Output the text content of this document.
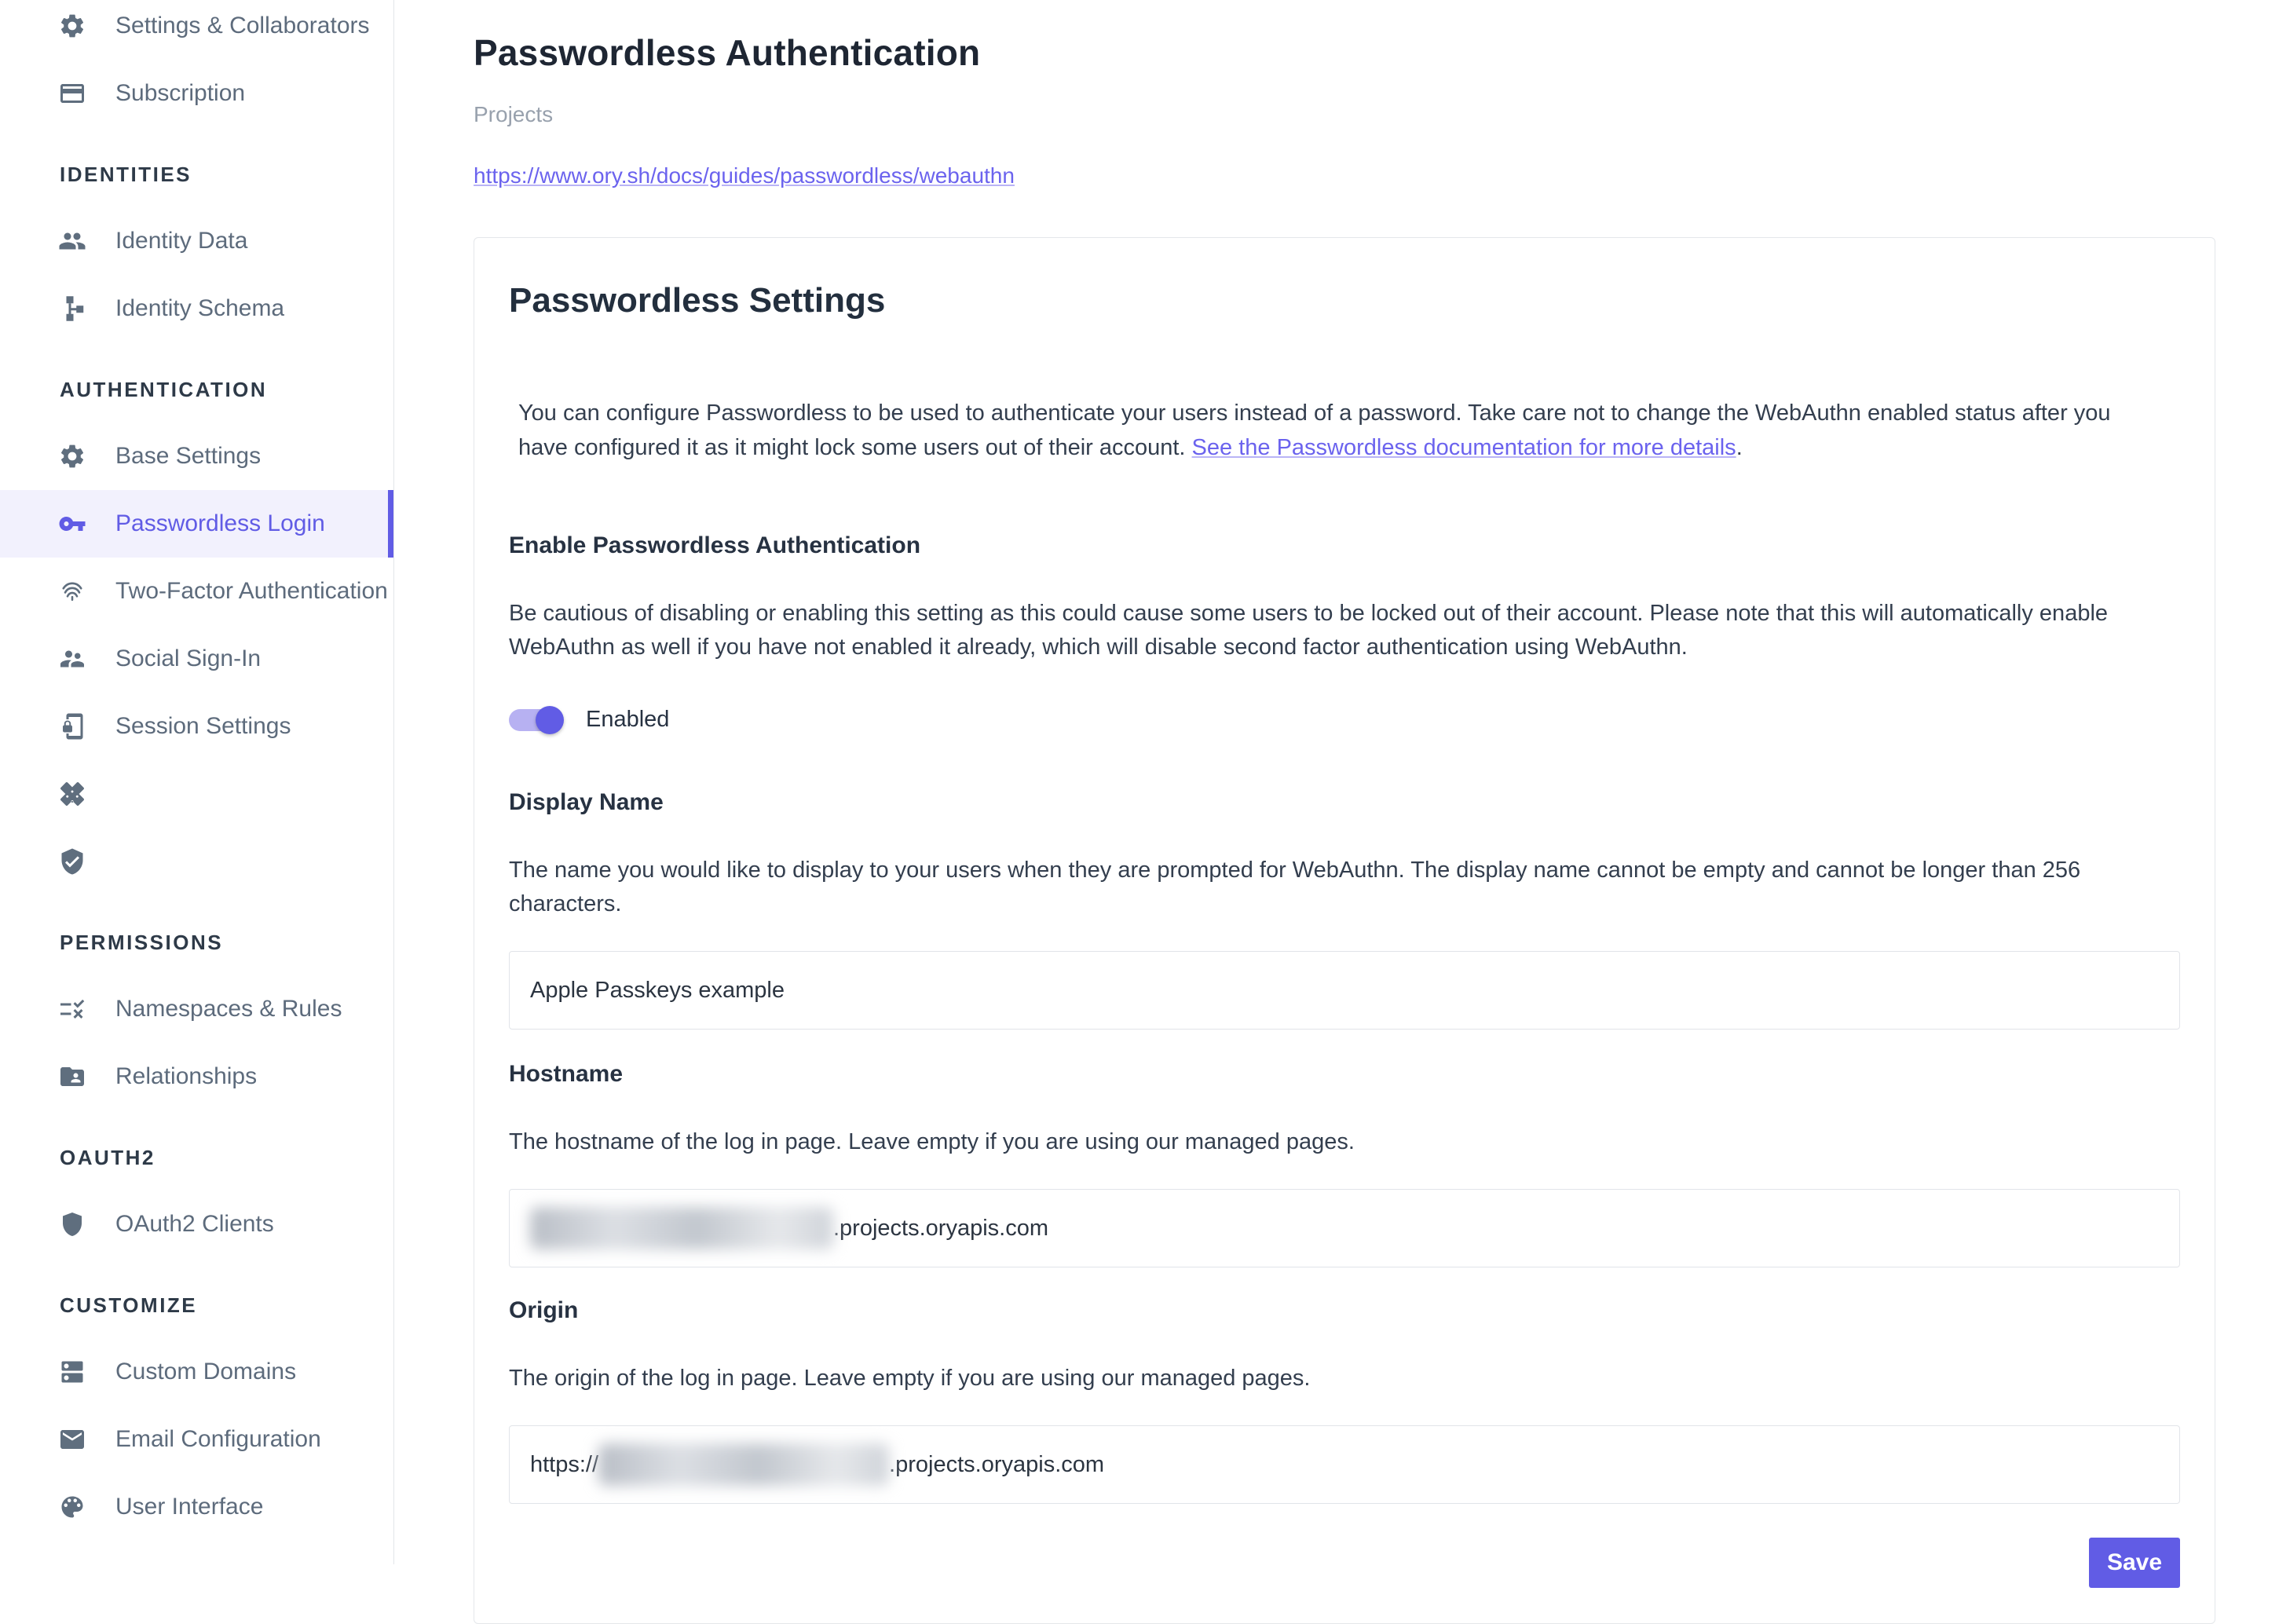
Settings & Collaborators
Subscription
IDENTITIES
Identity Data
Identity Schema
AUTHENTICATION
Base Settings
Passwordless Login
Two-Factor Authentication
Social Sign-In
Session Settings
PERMISSIONS
Namespaces & Rules
Relationships
OAUTH2
OAuth2 Clients
CUSTOMIZE
Custom Domains
Email Configuration
User Interface
Passwordless Authentication
Projects
https://www.ory.sh/docs/guides/passwordless/webauthn
Passwordless Settings

You can configure Passwordless to be used to authenticate your users instead of a password. Take care not to change the WebAuthn enabled status after you have configured it as it might lock some users out of their account. See the Passwordless documentation for more details.

Enable Passwordless Authentication

Be cautious of disabling or enabling this setting as this could cause some users to be locked out of their account. Please note that this will automatically enable WebAuthn as well if you have not enabled it already, which will disable second factor authentication using WebAuthn.

Enabled
Display Name

The name you would like to display to your users when they are prompted for WebAuthn. The display name cannot be empty and cannot be longer than 256 characters.

Apple Passkeys example
Hostname

The hostname of the log in page. Leave empty if you are using our managed pages.

.projects.oryapis.com
Origin

The origin of the log in page. Leave empty if you are using our managed pages.

https://	.projects.oryapis.com
Save
